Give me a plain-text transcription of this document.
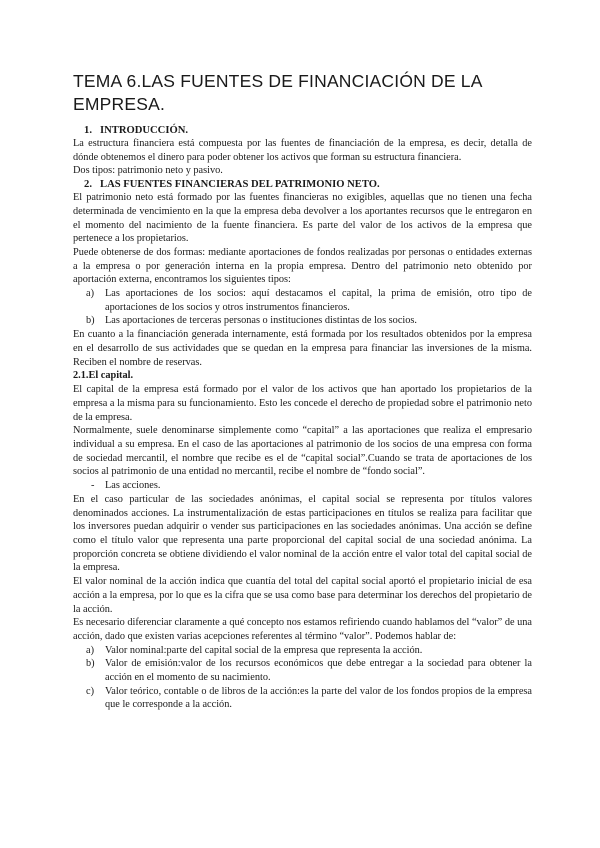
TEMA 6.LAS FUENTES DE FINANCIACIÓN DE LA EMPRESA.
1. INTRODUCCIÓN.

La estructura financiera está compuesta por las fuentes de financiación de la empresa, es decir, detalla de dónde obtenemos el dinero para poder obtener los activos que forman su estructura financiera.

Dos tipos: patrimonio neto y pasivo.

2. LAS FUENTES FINANCIERAS DEL PATRIMONIO NETO.

El patrimonio neto está formado por las fuentes financieras no exigibles, aquellas que no tienen una fecha determinada de vencimiento en la que la empresa deba devolver a los aportantes recursos que le entregaron en el momento del nacimiento de la fuente financiera. Es parte del valor de los activos de la empresa que pertenece a los propietarios.

Puede obtenerse de dos formas: mediante aportaciones de fondos realizadas por personas o entidades externas a la empresa o por generación interna en la propia empresa. Dentro del patrimonio neto obtenido por aportación externa, encontramos los siguientes tipos:

a) Las aportaciones de los socios: aquí destacamos el capital, la prima de emisión, otro tipo de aportaciones de los socios y otros instrumentos financieros.
b) Las aportaciones de terceras personas o instituciones distintas de los socios.

En cuanto a la financiación generada internamente, está formada por los resultados obtenidos por la empresa en el desarrollo de sus actividades que se quedan en la empresa para financiar las inversiones de la misma. Reciben el nombre de reservas.

2.1.El capital.

El capital de la empresa está formado por el valor de los activos que han aportado los propietarios de la empresa a la misma para su funcionamiento. Esto les concede el derecho de propiedad sobre el patrimonio neto de la empresa.

Normalmente, suele denominarse simplemente como “capital” a las aportaciones que realiza el empresario individual a su empresa. En el caso de las aportaciones al patrimonio de los socios de una empresa con forma de sociedad mercantil, el nombre que recibe es el de “capital social”.Cuando se trata de aportaciones de los socios al patrimonio de una entidad no mercantil, recibe el nombre de “fondo social”.

- Las acciones.

En el caso particular de las sociedades anónimas, el capital social se representa por títulos valores denominados acciones. La instrumentalización de estas participaciones en títulos se realiza para facilitar que los inversores puedan adquirir o vender sus participaciones en las sociedades anónimas. Una acción se define como el título valor que representa una parte proporcional del capital social de una sociedad anónima. La proporción concreta se obtiene dividiendo el valor nominal de la acción entre el valor total del capital social de la empresa.

El valor nominal de la acción indica que cuantía del total del capital social aportó el propietario inicial de esa acción a la empresa, por lo que es la cifra que se usa como base para determinar los derechos del propietario de la acción.

Es necesario diferenciar claramente a qué concepto nos estamos refiriendo cuando hablamos del “valor” de una acción, dado que existen varias acepciones referentes al término “valor”. Podemos hablar de:

a) Valor nominal:parte del capital social de la empresa que representa la acción.
b) Valor de emisión:valor de los recursos económicos que debe entregar a la sociedad para obtener la acción en el momento de su nacimiento.
c) Valor teórico, contable o de libros de la acción:es la parte del valor de los fondos propios de la empresa que le corresponde a la acción.
